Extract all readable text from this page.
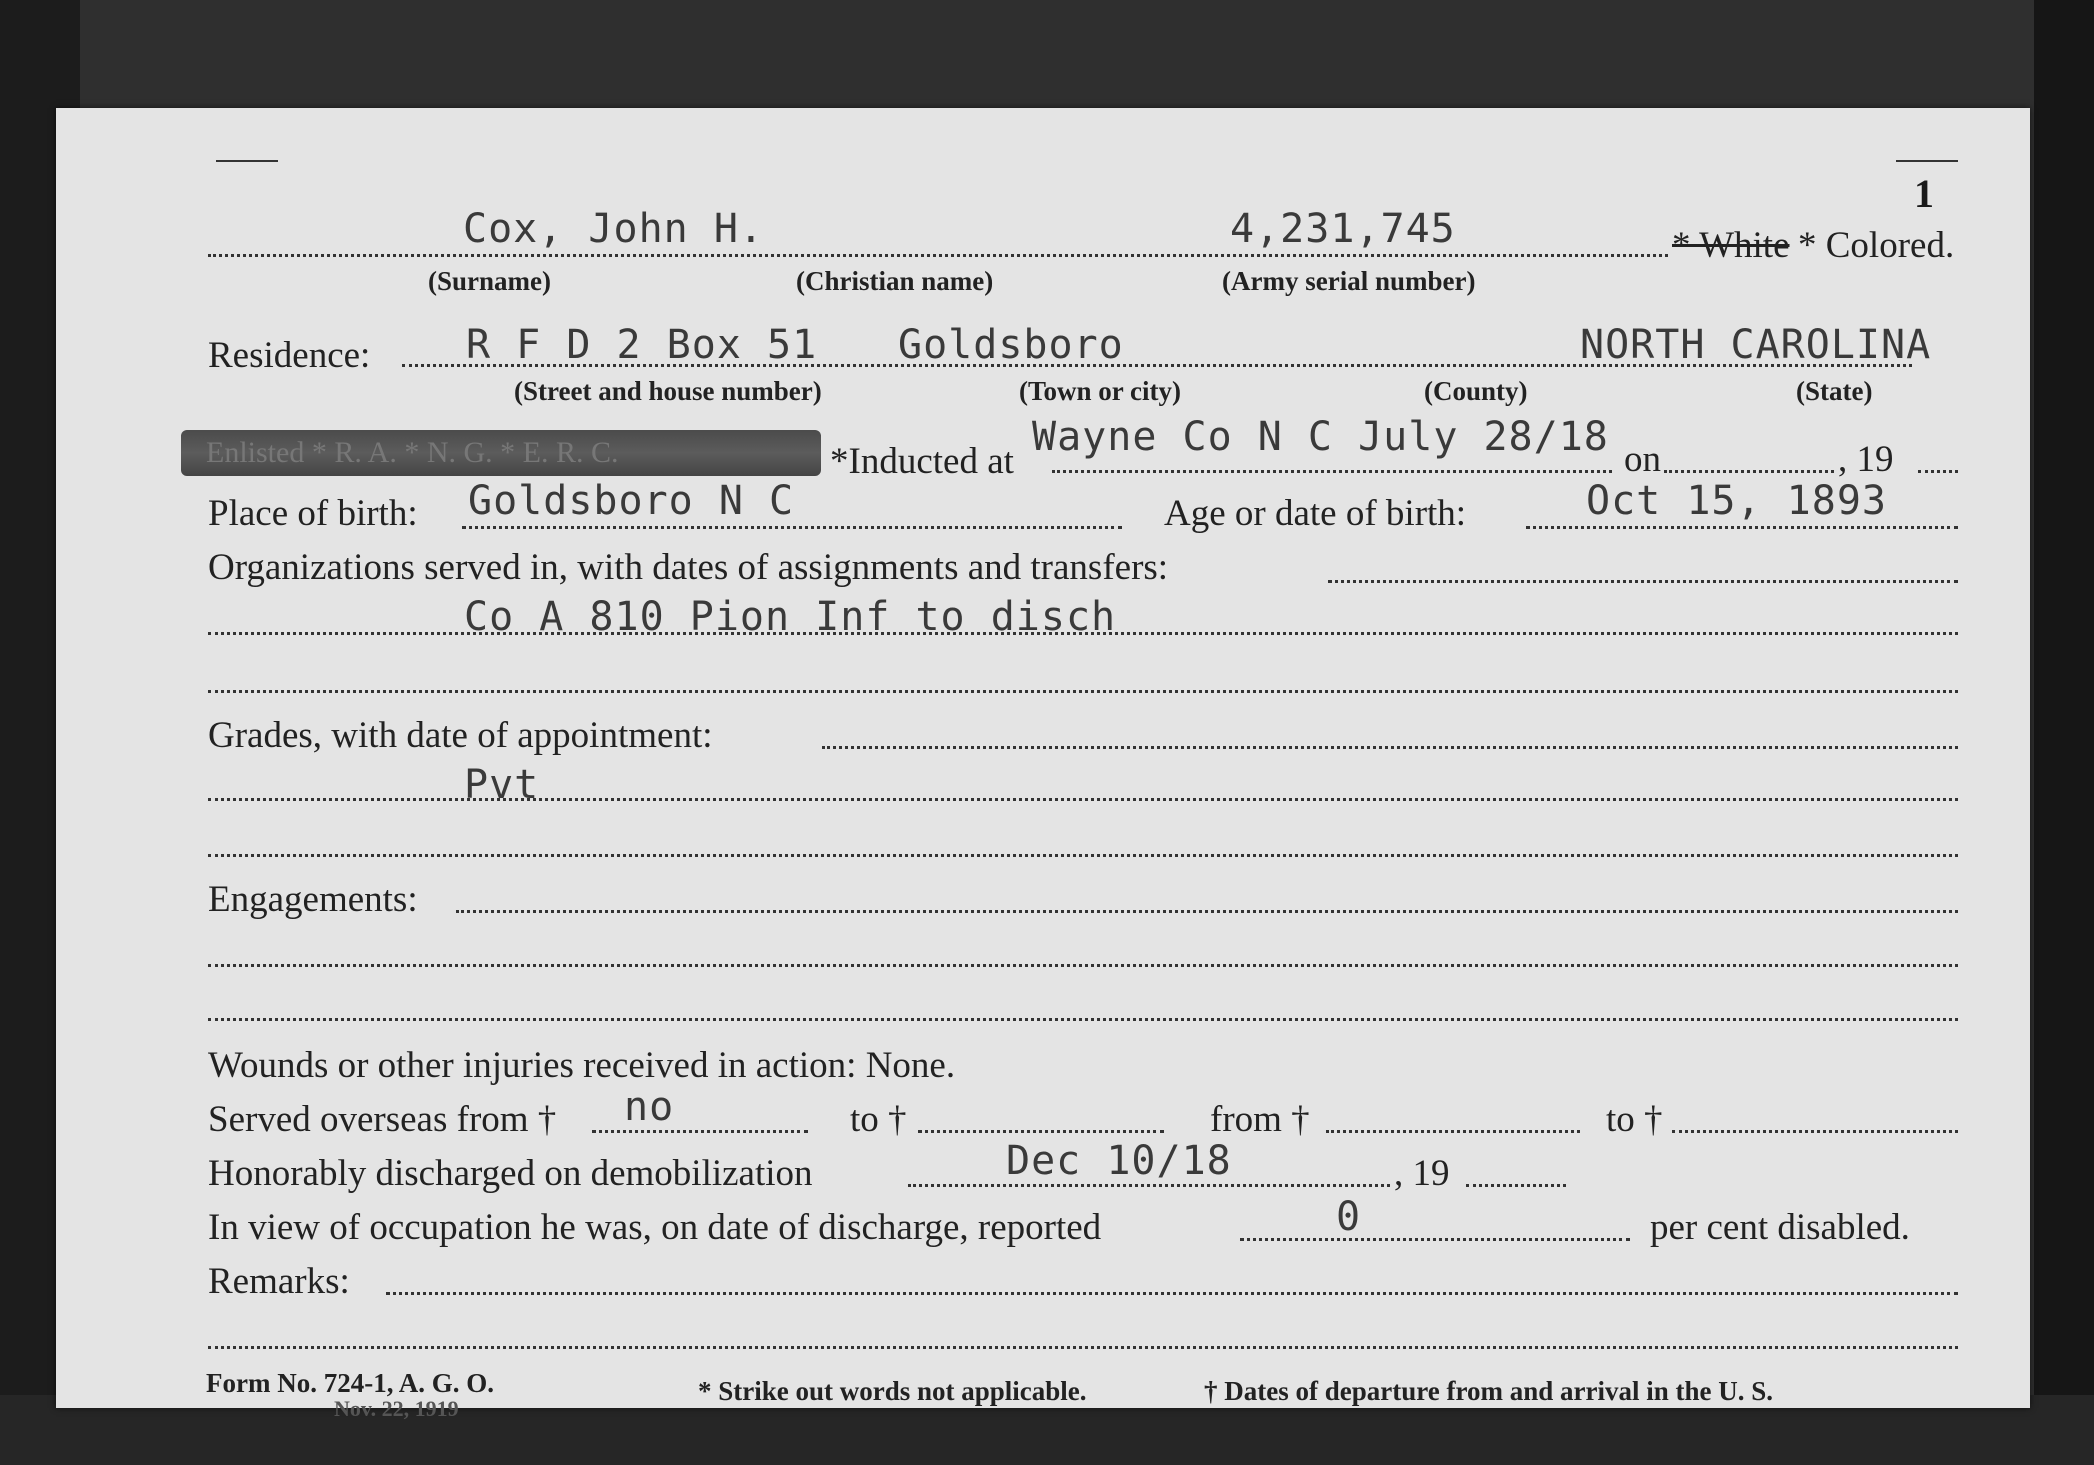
1
Cox, John H.	4,231,745	* White * Colored.
(Surname)	(Christian name)	(Army serial number)
Residence: R F D 2 Box 51 Goldsboro	NORTH CAROLINA
(Street and house number)	(Town or city)	(County)	(State)
Enlisted * R. A. * N. G. * E. R. C.	*Inducted at
Wayne Co N C July 28/18 on	, 19
Place of birth: Goldsboro N C	Age or date of birth:	Oct 15, 1893
Organizations served in, with dates of assignments and transfers:
Co A 810 Pion Inf to disch
Grades, with date of appointment:
Pvt
Engagements:
Wounds or other injuries received in action: None.
Served overseas from † no	to †	from †	to †
Honorably discharged on demobilization	Dec 10/18	, 19
In view of occupation he was, on date of discharge, reported	0	per cent disabled.
Remarks:
Form No. 724-1, A. G. O.
Nov. 22, 1919
* Strike out words not applicable.	† Dates of departure from and arrival in the U. S.
